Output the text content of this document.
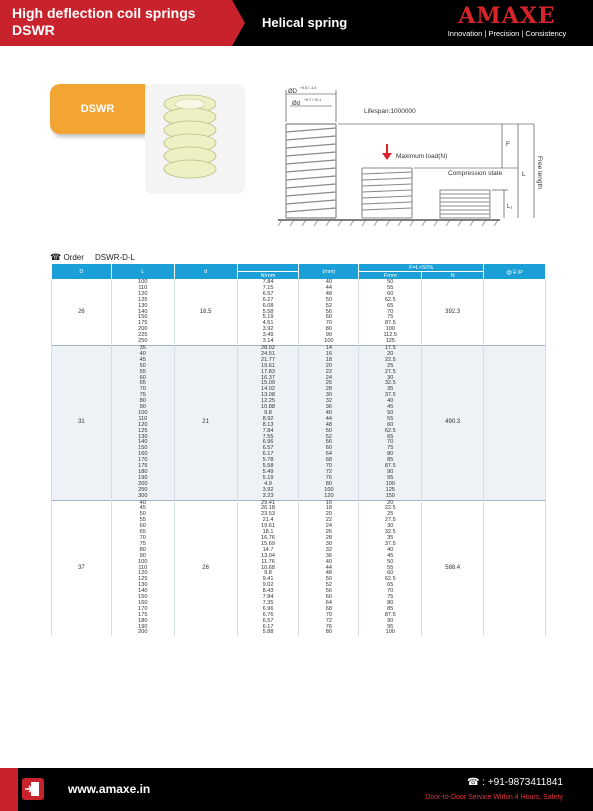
High deflection coil springs
DSWR	Helical spring	AMAXE
Innovation | Precision | Consistency
DSWR
ØD
+0.5 / -1.0
Ød
+0.7 / +0.1
Lifespan:1000000
Maximum load(N)
Compression state
F
L
L₁
Free length
☎ Order DSWR-D-L
D	L	d		(mm)	F=L×50%		@￥/P
			N/mm		Fmm	N	
26	100	16.5	7.84	40	50	392.3	
	110		7.15	44	55		
	120		6.57	48	60		
	125		6.27	50	62.5		
	130		6.08	52	65		
	140		5.58	56	70		
	150		5.19	60	75		
	175		4.51	70	87.5		
	200		3.92	80	100		
	225		3.49	90	112.5		
	250		3.14	100	125		
31	35	21	28.02	14	17.5	490.3	
	40		24.51	16	20		
	45		21.77	18	22.5		
	50		19.61	20	25		
	55		17.83	22	27.5		
	60		16.37	24	30		
	65		15.09	26	32.5		
	70		14.02	28	35		
	75		13.08	30	37.5		
	80		12.25	32	40		
	90		10.88	36	45		
	100		9.8	40	50		
	110		8.92	44	55		
	120		8.13	48	60		
	125		7.84	50	62.5		
	130		7.55	52	65		
	140		6.96	56	70		
	150		6.57	60	75		
	160		6.17	64	80		
	170		5.78	68	85		
	175		5.58	70	87.5		
	180		5.49	72	90		
	190		5.19	76	95		
	200		4.9	80	100		
	250		3.92	100	125		
	300		3.23	120	150		
37	40	26	29.41	16	20	588.4	
	45		26.18	18	22.5		
	50		23.53	20	25		
	55		21.4	22	27.5		
	60		19.61	24	30		
	65		18.1	26	32.5		
	70		16.76	28	35		
	75		15.69	30	37.5		
	80		14.7	32	40		
	90		13.04	36	45		
	100		11.76	40	50		
	110		10.68	44	55		
	120		9.8	48	60		
	125		9.41	50	62.5		
	130		9.02	52	65		
	140		8.43	56	70		
	150		7.84	60	75		
	160		7.35	64	80		
	170		6.96	68	85		
	175		6.76	70	87.5		
	180		6.57	72	90		
	190		6.17	76	95		
	200		5.88	80	100		
www.amaxe.in	☎ : +91-9873411841
Door-to-Door Service Within 4 Hours, Safety
